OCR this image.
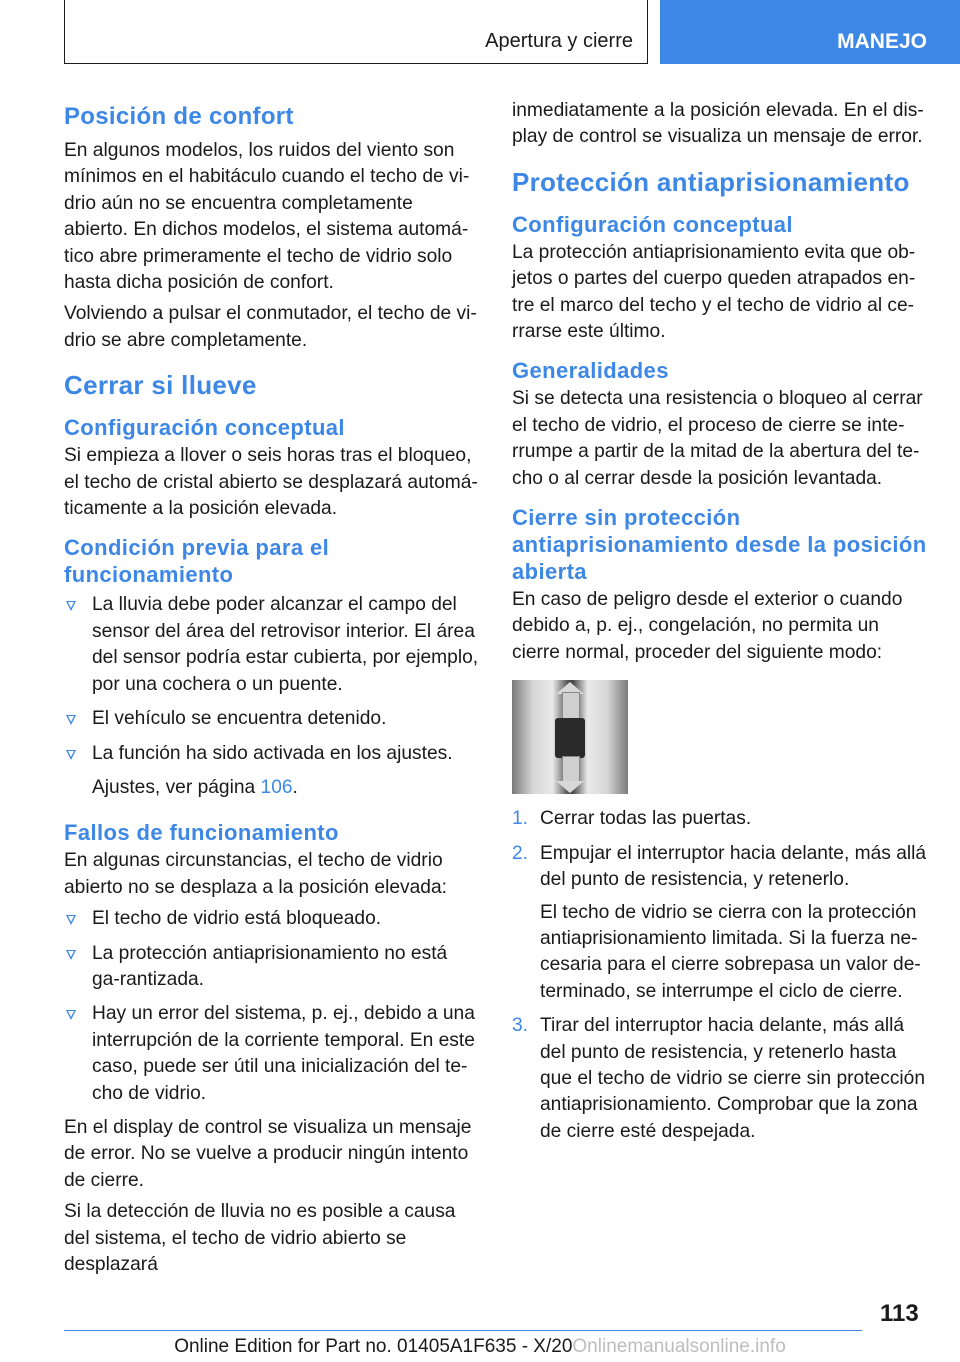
Apertura y cierre	MANEJO
Posición de confort

En algunos modelos, los ruidos del viento son mínimos en el habitáculo cuando el techo de vi-drio aún no se encuentra completamente abierto. En dichos modelos, el sistema automá-tico abre primeramente el techo de vidrio solo hasta dicha posición de confort.

Volviendo a pulsar el conmutador, el techo de vi-drio se abre completamente.

Cerrar si llueve
Configuración conceptual

Si empieza a llover o seis horas tras el bloqueo, el techo de cristal abierto se desplazará automá-ticamente a la posición elevada.

Condición previa para el funcionamiento
La lluvia debe poder alcanzar el campo del sensor del área del retrovisor interior. El área del sensor podría estar cubierta, por ejemplo, por una cochera o un puente.
El vehículo se encuentra detenido.
La función ha sido activada en los ajustes.

Ajustes, ver página 106.

Fallos de funcionamiento

En algunas circunstancias, el techo de vidrio abierto no se desplaza a la posición elevada:

El techo de vidrio está bloqueado.
La protección antiaprisionamiento no está ga-rantizada.
Hay un error del sistema, p. ej., debido a una interrupción de la corriente temporal. En este caso, puede ser útil una inicialización del te-cho de vidrio.

En el display de control se visualiza un mensaje de error. No se vuelve a producir ningún intento de cierre.

Si la detección de lluvia no es posible a causa del sistema, el techo de vidrio abierto se desplazará

inmediatamente a la posición elevada. En el dis-play de control se visualiza un mensaje de error.

Protección antiaprisionamiento
Configuración conceptual

La protección antiaprisionamiento evita que ob-jetos o partes del cuerpo queden atrapados en-tre el marco del techo y el techo de vidrio al ce-rrarse este último.

Generalidades

Si se detecta una resistencia o bloqueo al cerrar el techo de vidrio, el proceso de cierre se inte-rrumpe a partir de la mitad de la abertura del te-cho o al cerrar desde la posición levantada.

Cierre sin protección antiaprisionamiento desde la posición abierta

En caso de peligro desde el exterior o cuando debido a, p. ej., congelación, no permita un cierre normal, proceder del siguiente modo:

1. Cerrar todas las puertas.
2. Empujar el interruptor hacia delante, más allá del punto de resistencia, y retenerlo.

El techo de vidrio se cierra con la protección antiaprisionamiento limitada. Si la fuerza ne-cesaria para el cierre sobrepasa un valor de-terminado, se interrumpe el ciclo de cierre.

3. Tirar del interruptor hacia delante, más allá del punto de resistencia, y retenerlo hasta que el techo de vidrio se cierre sin protección antiaprisionamiento. Comprobar que la zona de cierre esté despejada.
113
Online Edition for Part no. 01405A1F635 - X/20Onlinemanualsonline.info
